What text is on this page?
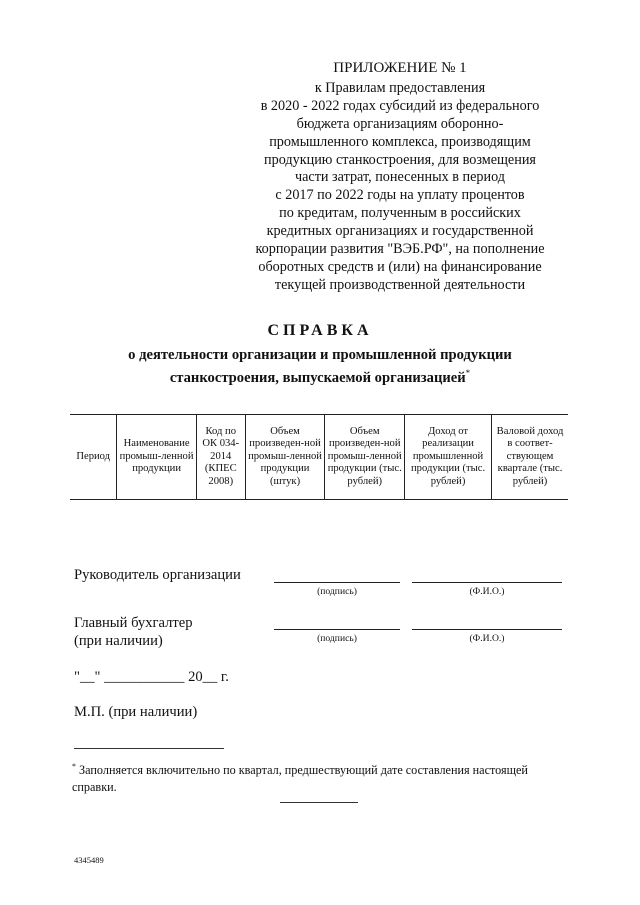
ПРИЛОЖЕНИЕ № 1
к Правилам предоставления
в 2020 - 2022 годах субсидий из федерального
бюджета организациям оборонно-
промышленного комплекса, производящим
продукцию станкостроения, для возмещения
части затрат, понесенных в период
с 2017 по 2022 годы на уплату процентов
по кредитам, полученным в российских
кредитных организациях и государственной
корпорации развития "ВЭБ.РФ", на пополнение
оборотных средств и (или) на финансирование
текущей производственной деятельности
СПРАВКА
о деятельности организации и промышленной продукции
станкостроения, выпускаемой организацией*
Период	Наименование промыш-ленной продукции	Код по ОК 034-2014 (КПЕС 2008)	Объем произведен-ной промыш-ленной продукции (штук)	Объем произведен-ной промыш-ленной продукции (тыс. рублей)	Доход от реализации промышленной продукции (тыс. рублей)	Валовой доход в соответ-ствующем квартале (тыс. рублей)
Руководитель организации
(подпись)	(Ф.И.О.)
Главный бухгалтер
(при наличии)	(подпись)	(Ф.И.О.)
"__" ___________ 20__ г.
М.П. (при наличии)
* Заполняется включительно по квартал, предшествующий дате составления настоящей справки.
4345489
